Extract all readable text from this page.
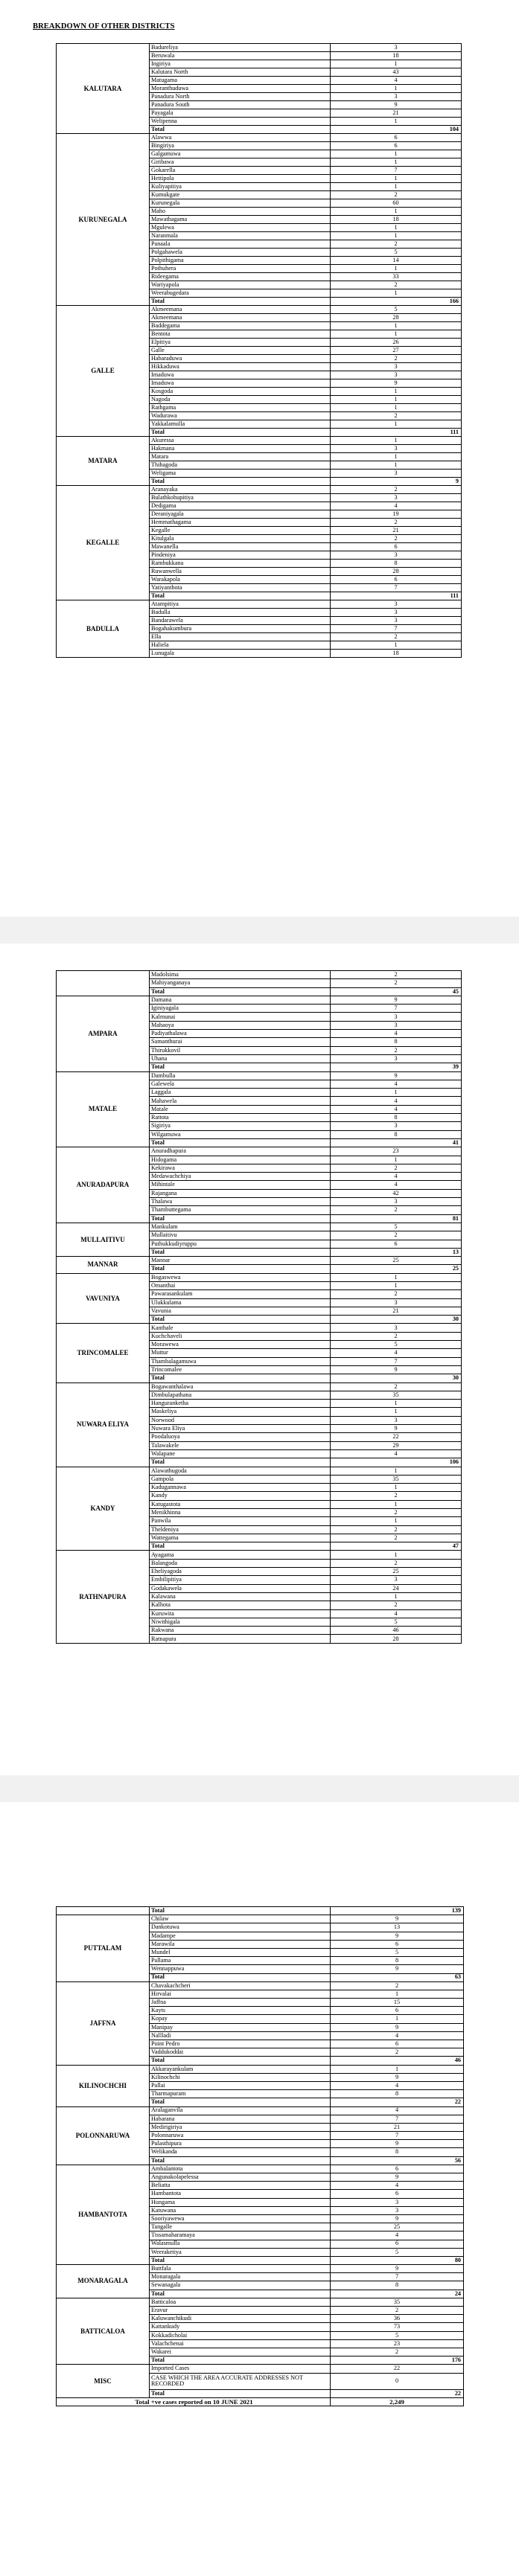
BREAKDOWN OF OTHER DISTRICTS
KALUTARA	Badureliya	3
	Beruwala	18
	Ingiriya	1
	Kalutara North	43
	Matugama	4
	Moranthuduwa	1
	Panadura North	3
	Panadura South	9
	Payagala	21
	Welipenna	1
	Total	104
KURUNEGALA	Alawwa	6
	Bingiriya	6
	Galgamuwa	1
	Giribawa	1
	Gokarella	7
	Hettipola	1
	Kuliyapitiya	1
	Kumukgate	2
	Kurunegala	60
	Maho	1
	Mawathagama	18
	Mgulewa	1
	Naranmala	1
	Panaala	2
	Polgahawela	5
	Polpithigama	14
	Pothuhera	1
	Rideegama	33
	Wariyapola	2
	Weerabugedara	1
	Total	166
GALLE	Akmeemana	5
	Akmeemana	28
	Baddegama	1
	Bentota	1
	Elpitiya	26
	Galle	27
	Habaraduwa	2
	Hikkaduwa	3
	Imaduwa	3
	Imaduwa	9
	Kosgoda	1
	Nagoda	1
	Rathgama	1
	Wadurawa	2
	Yakkalamulla	1
	Total	111
MATARA	Akuressa	1
	Hakmana	3
	Matara	1
	Thihagoda	1
	Weligama	3
	Total	9
KEGALLE	Aranayaka	2
	Bulathkohupitiya	3
	Dedigama	4
	Deraniyagala	19
	Hemmathagama	2
	Kegalle	21
	Kitulgala	2
	Mawanella	6
	Pindeniya	3
	Rambukkana	8
	Ruwanwella	28
	Warakapola	6
	Yatiyanthota	7
	Total	111
BADULLA	Atampitiya	3
	Badulla	3
	Bandarawela	3
	Bogahakumbura	7
	Ella	2
	Haliela	1
	Lunugala	18
	Madolsima	2
	Mahiyanganaya	2
	Total	45
AMPARA	Damana	9
	Iginiyagala	7
	Kalmunai	3
	Mahaoya	3
	Padiyathalawa	4
	Samanthurai	8
	Thirukkovil	2
	Uhana	3
	Total	39
MATALE	Dambulla	9
	Galewela	4
	Laggala	1
	Mahawela	4
	Matale	4
	Rattota	8
	Sigiriya	3
	Wilgamuwa	8
	Total	41
ANURADAPURA	Anuradhapura	23
	Hidogama	1
	Kekirawa	2
	Medawachchiya	4
	Mihintale	4
	Rajangana	42
	Thalawa	3
	Thambuttegama	2
	Total	81
MULLAITIVU	Mankulam	5
	Mullaitivu	2
	Puthukkudiyruppu	6
	Total	13
MANNAR	Mannar	25
	Total	25
VAVUNIYA	Bogaswewa	1
	Omanthai	1
	Pawarasankulam	2
	Ulukkulama	3
	Vavunia	21
	Total	30
TRINCOMALEE	Kanthale	3
	Kuchchaveli	2
	Morawewa	5
	Muttur	4
	Thambalagamuwa	7
	Trincomalee	9
	Total	30
NUWARA ELIYA	Bogawanthalawa	2
	Dimbulapathana	35
	Hanguranketha	1
	Maskeliya	1
	Norwood	3
	Nuwara Eliya	9
	Poodaluoya	22
	Talawakele	29
	Walapane	4
	Total	106
KANDY	Alawathugoda	1
	Gampola	35
	Kadugannawa	1
	Kandy	2
	Katugastota	1
	Menikhinna	2
	Panwila	1
	Theldeniya	2
	Wattegama	2
	Total	47
RATHNAPURA	Ayagama	1
	Balangoda	2
	Eheliyagoda	25
	Embilipitiya	3
	Godakawela	24
	Kalawana	1
	Kalhota	2
	Kuruwita	4
	Niwithigala	5
	Rakwana	46
	Ratnapura	28
	Total	139
PUTTALAM	Chilaw	9
	Dankotuwa	13
	Madampe	9
	Marawila	6
	Mundel	5
	Pallama	8
	Wennappuwa	9
	Total	63
JAFFNA	Chavakachcheri	2
	Hirvalai	1
	Jaffna	15
	Kayts	6
	Kopay	1
	Manipay	9
	Nallladi	4
	Point Pedro	6
	Vaddukoddai	2
	Total	46
KILINOCHCHI	Akkarayankulam	1
	Kilinochchi	9
	Pallai	4
	Tharmapuram	8
	Total	22
POLONNARUWA	Aralaganvila	4
	Habarana	7
	Medirigiriya	21
	Polonnaruwa	7
	Pulasthipura	9
	Welikanda	8
	Total	56
HAMBANTOTA	Ambalantota	6
	Angunakolapelessa	9
	Beliatta	4
	Hambantota	6
	Hungama	3
	Katuwana	3
	Sooriyawewa	9
	Tangalle	25
	Tissamaharamaya	4
	Walasmulla	6
	Weeraketiya	5
	Total	80
MONARAGALA	Buttfala	9
	Monaragala	7
	Sewanagala	8
	Total	24
BATTICALOA	Batticaloa	35
	Eravur	2
	Kaluwanchikudi	36
	Kattankudy	73
	Kokkadicholai	5
	Valachchenai	23
	Wakarei	2
	Total	176
MISC	Imported Cases	22
	CASE WHICH THE AREA ACCURATE ADDRESSES NOT RECORDED	0
	Total	22
Total +ve cases reported on 10 JUNE 2021		2,249
